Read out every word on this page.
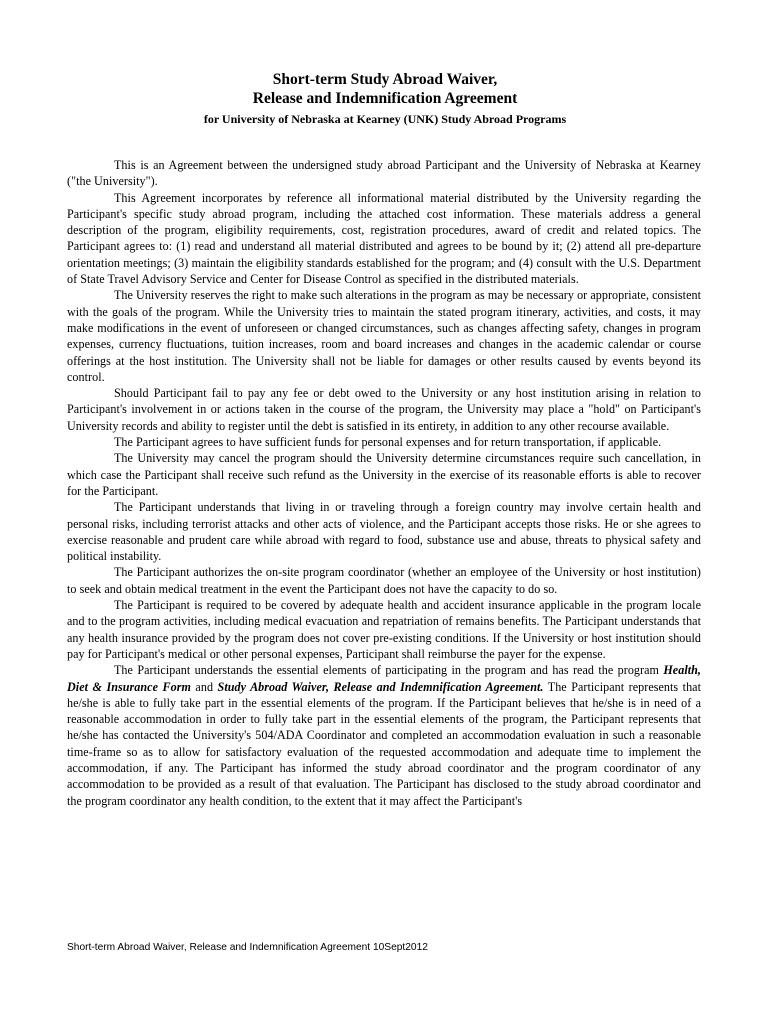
Short-term Study Abroad Waiver,
Release and Indemnification Agreement
for University of Nebraska at Kearney (UNK) Study Abroad Programs

This is an Agreement between the undersigned study abroad Participant and the University of Nebraska at Kearney ("the University").

This Agreement incorporates by reference all informational material distributed by the University regarding the Participant's specific study abroad program, including the attached cost information. These materials address a general description of the program, eligibility requirements, cost, registration procedures, award of credit and related topics. The Participant agrees to: (1) read and understand all material distributed and agrees to be bound by it; (2) attend all pre-departure orientation meetings; (3) maintain the eligibility standards established for the program; and (4) consult with the U.S. Department of State Travel Advisory Service and Center for Disease Control as specified in the distributed materials.

The University reserves the right to make such alterations in the program as may be necessary or appropriate, consistent with the goals of the program. While the University tries to maintain the stated program itinerary, activities, and costs, it may make modifications in the event of unforeseen or changed circumstances, such as changes affecting safety, changes in program expenses, currency fluctuations, tuition increases, room and board increases and changes in the academic calendar or course offerings at the host institution. The University shall not be liable for damages or other results caused by events beyond its control.

Should Participant fail to pay any fee or debt owed to the University or any host institution arising in relation to Participant's involvement in or actions taken in the course of the program, the University may place a "hold" on Participant's University records and ability to register until the debt is satisfied in its entirety, in addition to any other recourse available.

The Participant agrees to have sufficient funds for personal expenses and for return transportation, if applicable.

The University may cancel the program should the University determine circumstances require such cancellation, in which case the Participant shall receive such refund as the University in the exercise of its reasonable efforts is able to recover for the Participant.

The Participant understands that living in or traveling through a foreign country may involve certain health and personal risks, including terrorist attacks and other acts of violence, and the Participant accepts those risks. He or she agrees to exercise reasonable and prudent care while abroad with regard to food, substance use and abuse, threats to physical safety and political instability.

The Participant authorizes the on-site program coordinator (whether an employee of the University or host institution) to seek and obtain medical treatment in the event the Participant does not have the capacity to do so.

The Participant is required to be covered by adequate health and accident insurance applicable in the program locale and to the program activities, including medical evacuation and repatriation of remains benefits. The Participant understands that any health insurance provided by the program does not cover pre-existing conditions. If the University or host institution should pay for Participant's medical or other personal expenses, Participant shall reimburse the payer for the expense.

The Participant understands the essential elements of participating in the program and has read the program Health, Diet & Insurance Form and Study Abroad Waiver, Release and Indemnification Agreement. The Participant represents that he/she is able to fully take part in the essential elements of the program. If the Participant believes that he/she is in need of a reasonable accommodation in order to fully take part in the essential elements of the program, the Participant represents that he/she has contacted the University's 504/ADA Coordinator and completed an accommodation evaluation in such a reasonable time-frame so as to allow for satisfactory evaluation of the requested accommodation and adequate time to implement the accommodation, if any. The Participant has informed the study abroad coordinator and the program coordinator of any accommodation to be provided as a result of that evaluation. The Participant has disclosed to the study abroad coordinator and the program coordinator any health condition, to the extent that it may affect the Participant's

Short-term Abroad Waiver, Release and Indemnification Agreement 10Sept2012
